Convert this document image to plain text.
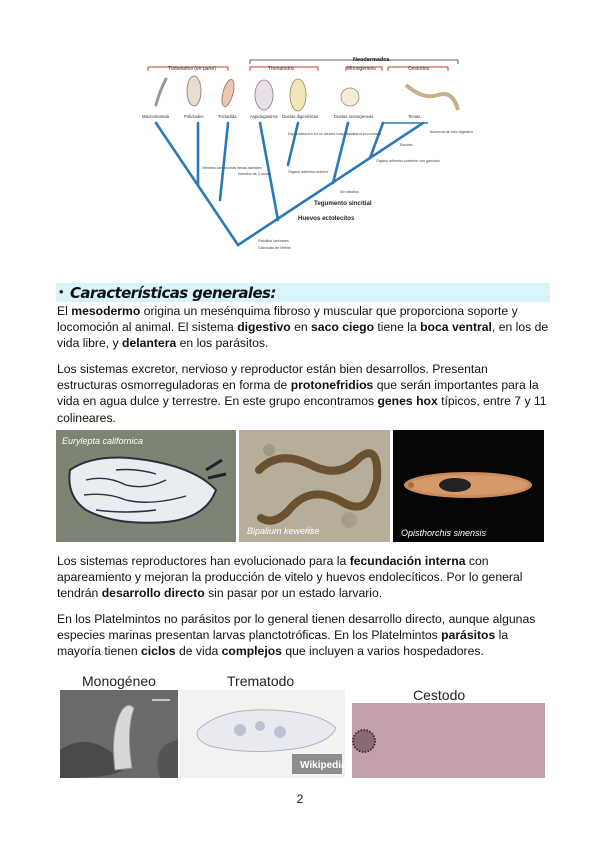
Neodermados
Turbelarios (en parte)	Trematodos	Monogeneos	Cestodos
Macrostomida	Policlades	Tricladida	Aspidogastrea Duelas digenéticas	Duelas monogeneas	Tenias
Ausencia de tubo digestivo
Escólex
Órgano adhesivo posterior con ganchos
Larva encontrada
Especialización en un caracol hospedador
Órgano adhesivo anterior
Intestino con muchas ramas laterales
Intestino de 3 ramas
Sin rabditos
Rabditos laminares
Glándulas de Mehlis
Tegumento sincitial
Huevos ectolecitos
• Características generales:

El mesodermo origina un mesénquima fibroso y muscular que proporciona soporte y locomoción al animal. El sistema digestivo en saco ciego tiene la boca ventral, en los de vida libre, y delantera en los parásitos.

Los sistemas excretor, nervioso y reproductor están bien desarrollos. Presentan estructuras osmorreguladoras en forma de protonefridios que serán importantes para la vida en agua dulce y terrestre. En este grupo encontramos genes hox típicos, entre 7 y 11 colineares.

Eurylepta californica
Bipalium kewense	Opisthorchis sinensis

Los sistemas reproductores han evolucionado para la fecundación interna con apareamiento y mejoran la producción de vitelo y huevos endolecíticos. Por lo general tendrán desarrollo directo sin pasar por un estado larvario.

En los Platelmintos no parásitos por lo general tienen desarrollo directo, aunque algunas especies marinas presentan larvas planctotróficas. En los Platelmintos parásitos la mayoría tienen ciclos de vida complejos que incluyen a varios hospedadores.

Monogéneo	Trematodo
Cestodo
Wikipedia
2
